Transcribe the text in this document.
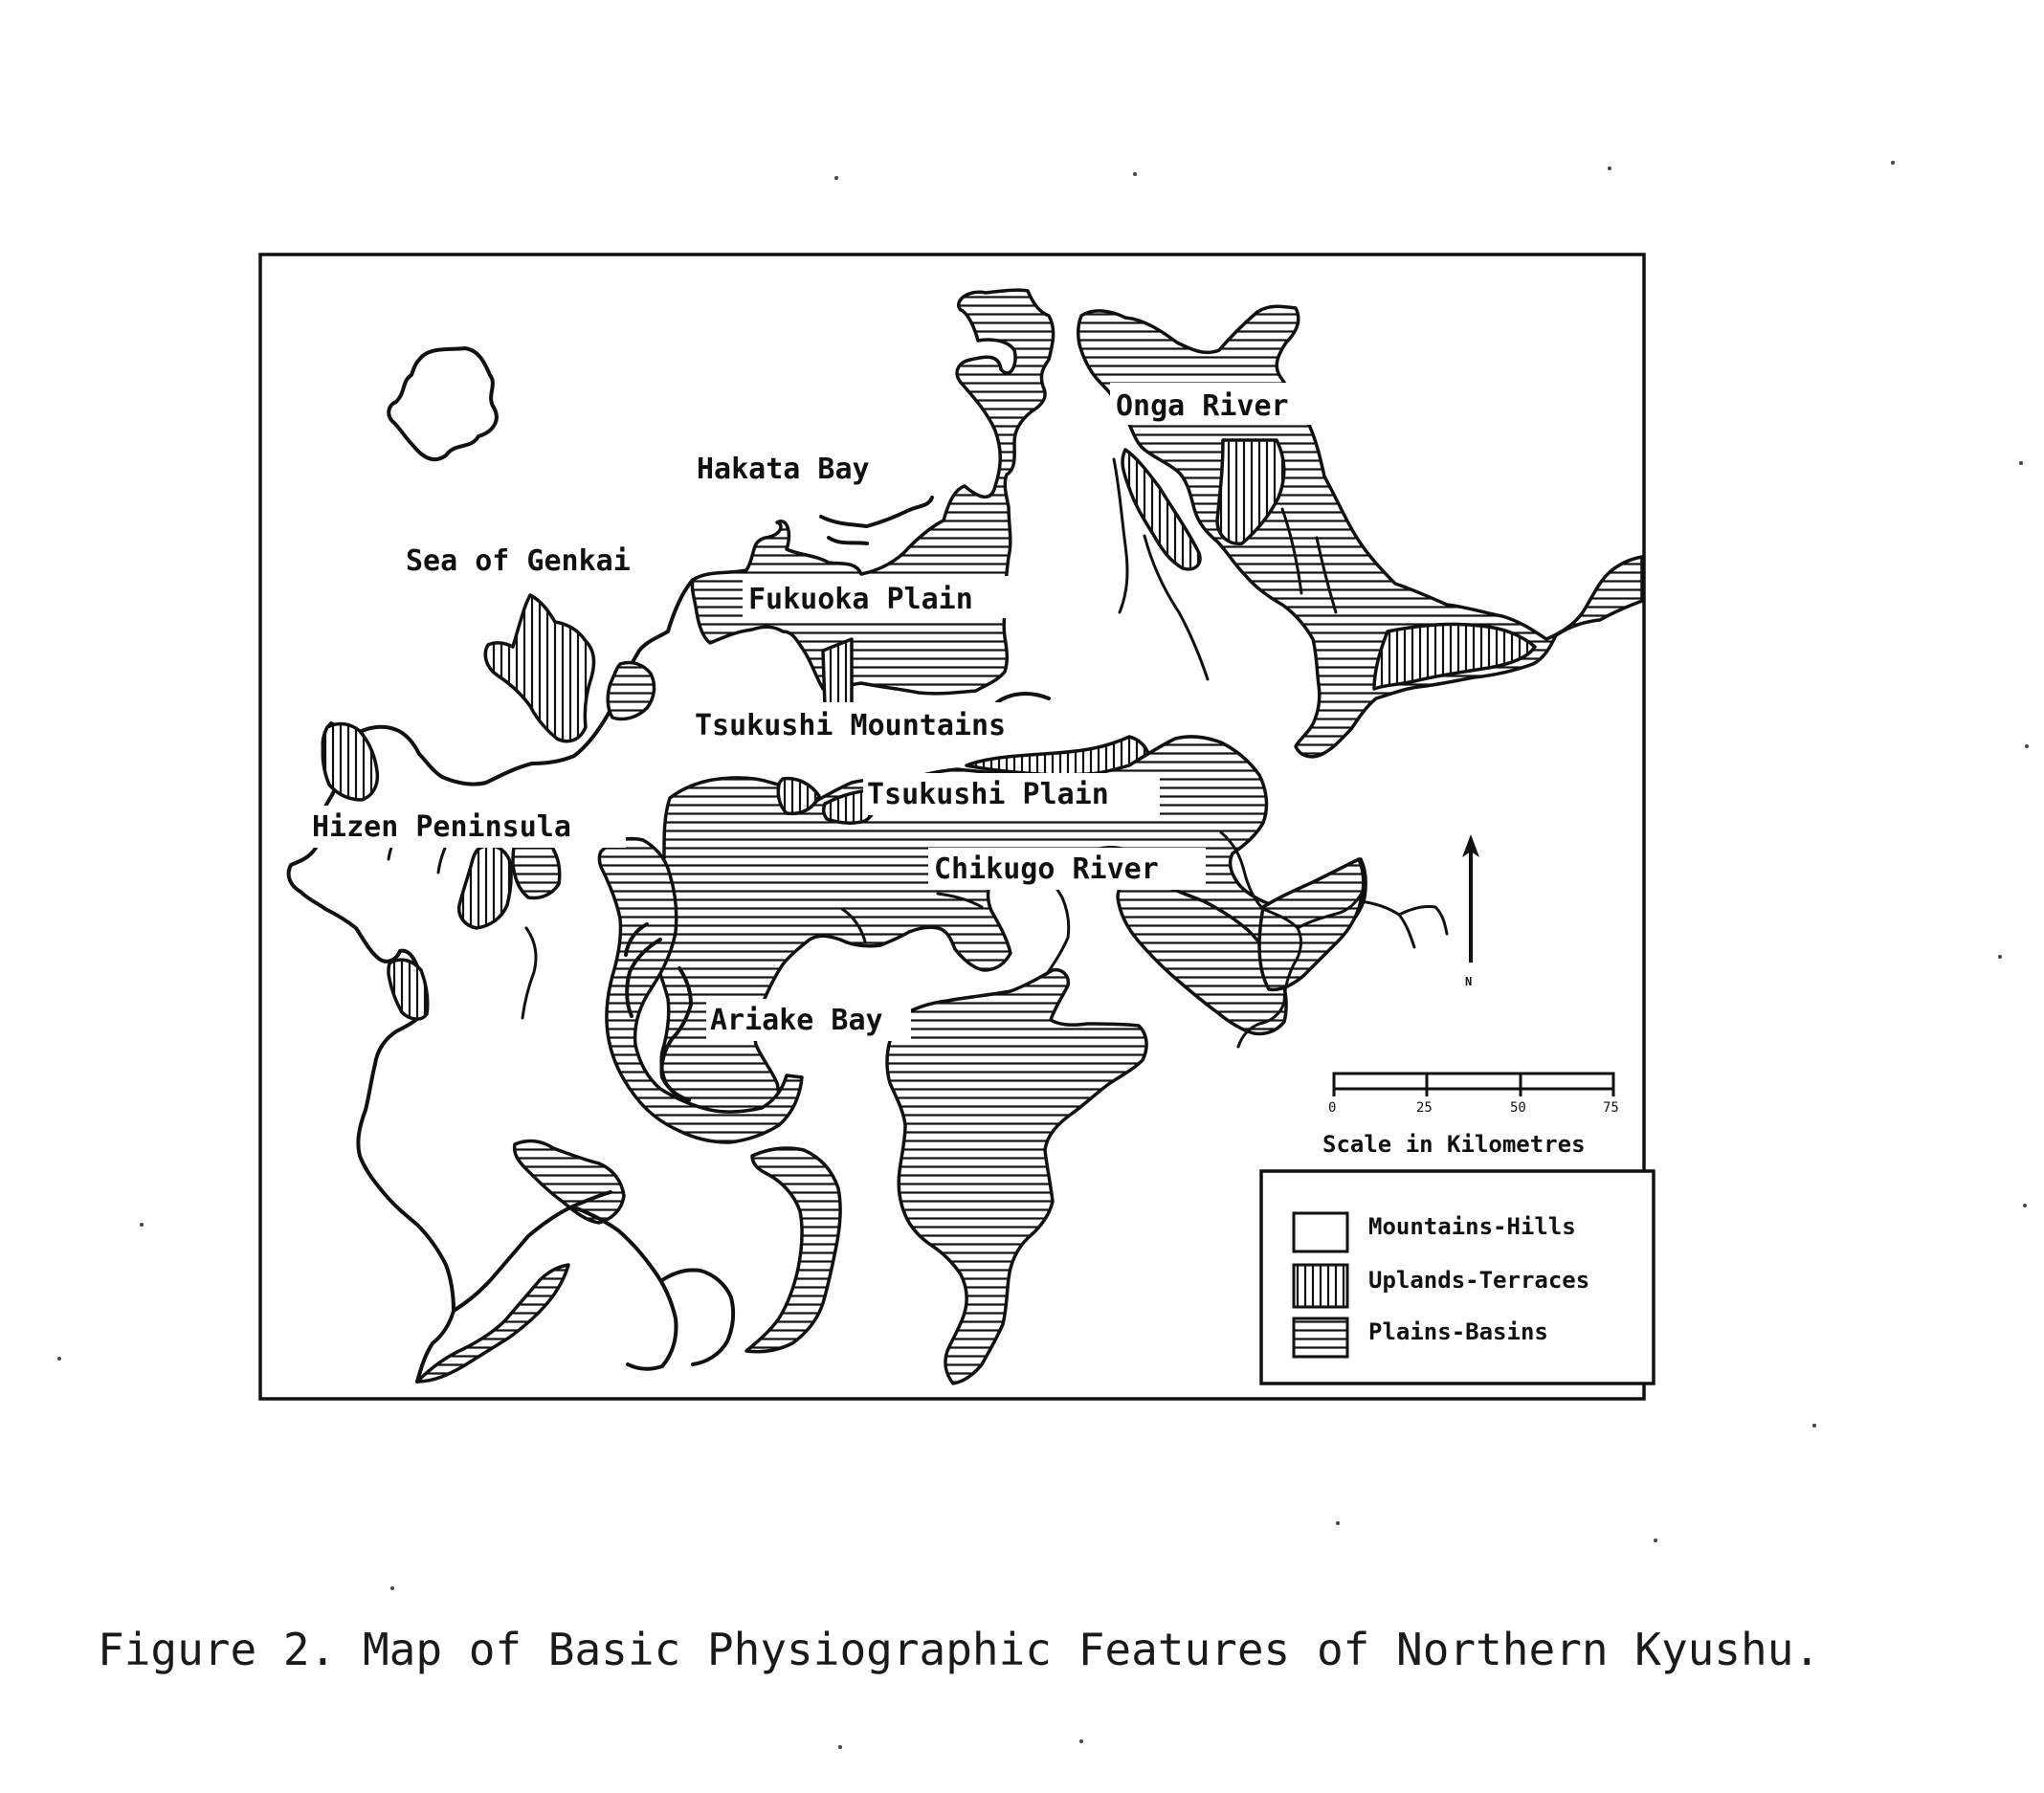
N
0	25	50	75
Scale in Kilometres
Mountains-Hills
Uplands-Terraces
Plains-Basins
Onga River
Hakata Bay
Sea of Genkai
Fukuoka Plain
Tsukushi Mountains
Tsukushi Plain
Hizen Peninsula
Chikugo River
Ariake Bay
Figure 2. Map of Basic Physiographic Features of Northern Kyushu.
